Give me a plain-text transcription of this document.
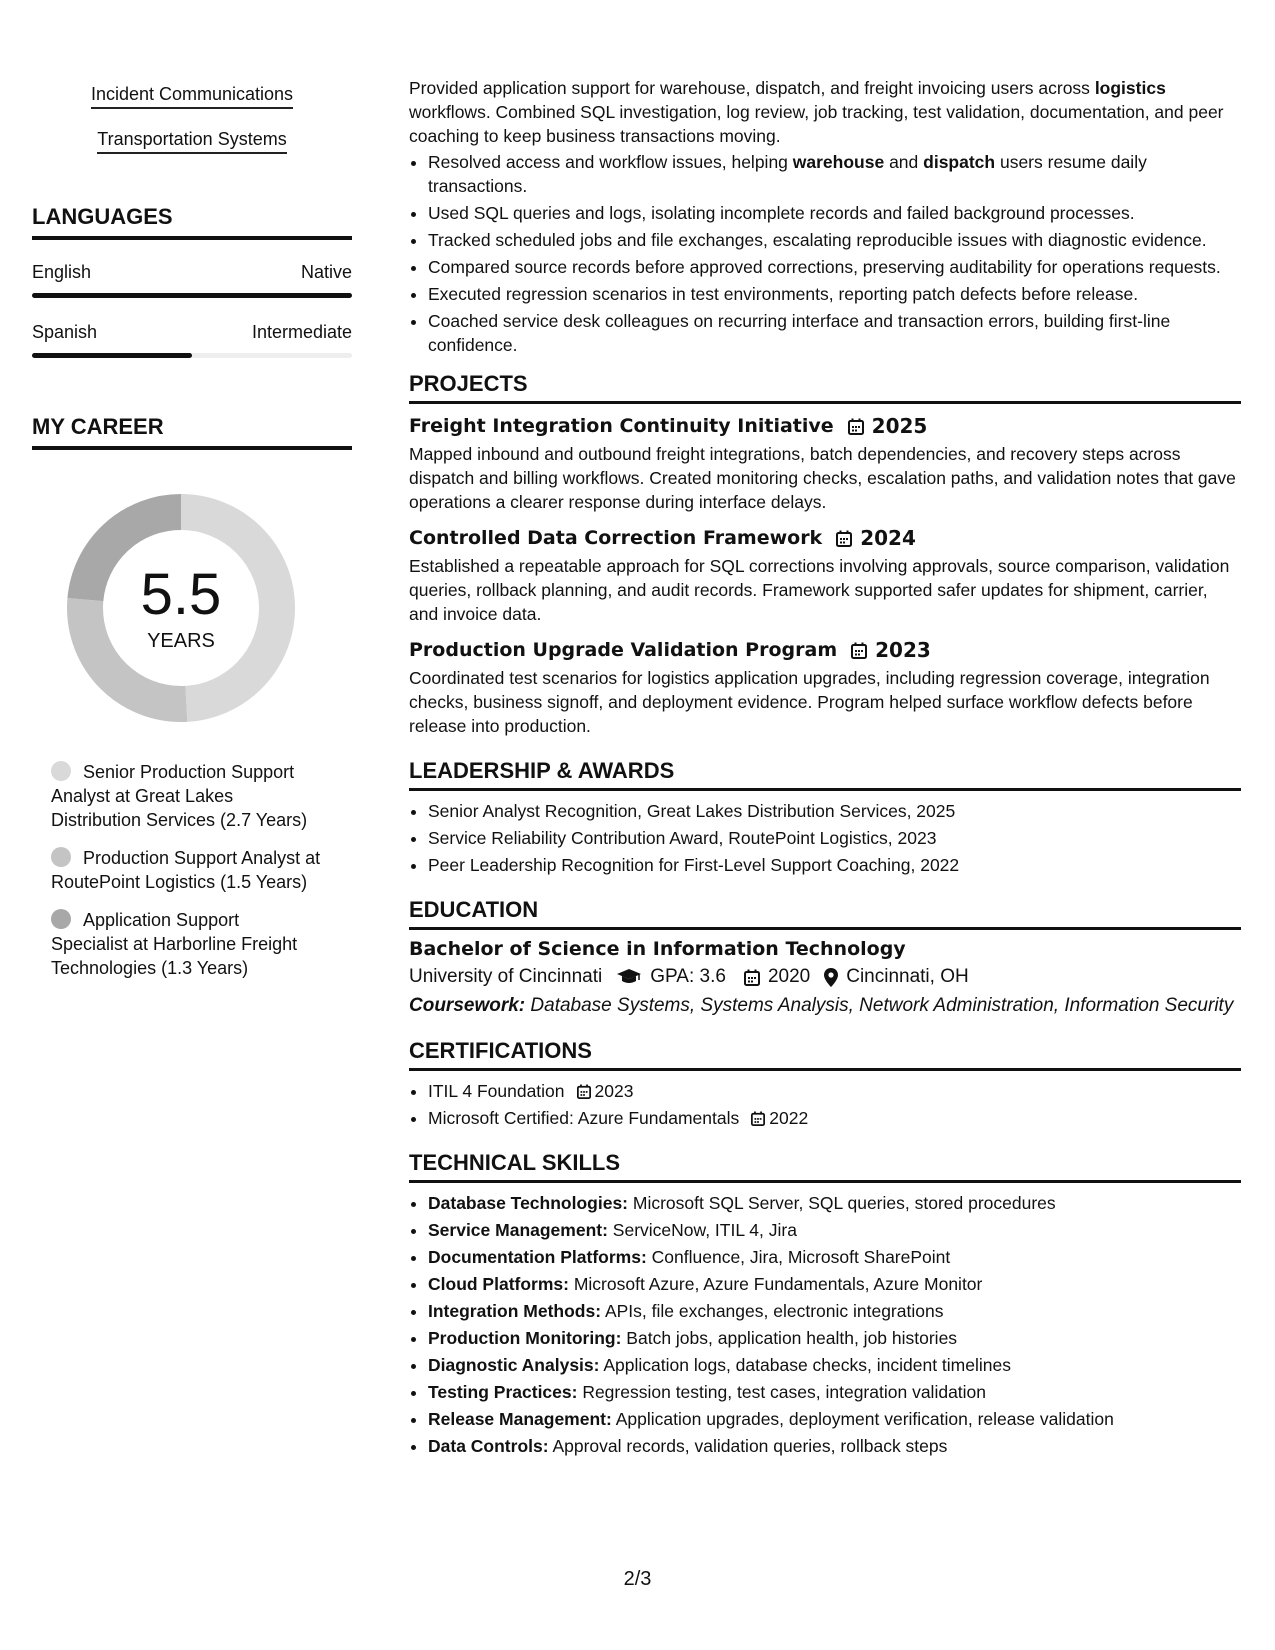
Incident Communications
Transportation Systems
LANGUAGES
English	Native
Spanish	Intermediate
MY CAREER
5.5
YEARS
Senior Production Support Analyst at Great Lakes Distribution Services (2.7 Years)
Production Support Analyst at RoutePoint Logistics (1.5 Years)
Application Support Specialist at Harborline Freight Technologies (1.3 Years)

Provided application support for warehouse, dispatch, and freight invoicing users across logistics workflows. Combined SQL investigation, log review, job tracking, test validation, documentation, and peer coaching to keep business transactions moving.

• Resolved access and workflow issues, helping warehouse and dispatch users resume daily transactions.
• Used SQL queries and logs, isolating incomplete records and failed background processes.
• Tracked scheduled jobs and file exchanges, escalating reproducible issues with diagnostic evidence.
• Compared source records before approved corrections, preserving auditability for operations requests.
• Executed regression scenarios in test environments, reporting patch defects before release.
• Coached service desk colleagues on recurring interface and transaction errors, building first-line confidence.
PROJECTS
Freight Integration Continuity Initiative 2025
Mapped inbound and outbound freight integrations, batch dependencies, and recovery steps across dispatch and billing workflows. Created monitoring checks, escalation paths, and validation notes that gave operations a clearer response during interface delays.
Controlled Data Correction Framework 2024
Established a repeatable approach for SQL corrections involving approvals, source comparison, validation queries, rollback planning, and audit records. Framework supported safer updates for shipment, carrier, and invoice data.
Production Upgrade Validation Program 2023
Coordinated test scenarios for logistics application upgrades, including regression coverage, integration checks, business signoff, and deployment evidence. Program helped surface workflow defects before release into production.
LEADERSHIP & AWARDS
• Senior Analyst Recognition, Great Lakes Distribution Services, 2025
• Service Reliability Contribution Award, RoutePoint Logistics, 2023
• Peer Leadership Recognition for First-Level Support Coaching, 2022
EDUCATION
Bachelor of Science in Information Technology
University of Cincinnati	GPA: 3.6 2020 Cincinnati, OH
Coursework: Database Systems, Systems Analysis, Network Administration, Information Security
CERTIFICATIONS
• ITIL 4 Foundation 2023
• Microsoft Certified: Azure Fundamentals 2022
TECHNICAL SKILLS
• Database Technologies: Microsoft SQL Server, SQL queries, stored procedures
• Service Management: ServiceNow, ITIL 4, Jira
• Documentation Platforms: Confluence, Jira, Microsoft SharePoint
• Cloud Platforms: Microsoft Azure, Azure Fundamentals, Azure Monitor
• Integration Methods: APIs, file exchanges, electronic integrations
• Production Monitoring: Batch jobs, application health, job histories
• Diagnostic Analysis: Application logs, database checks, incident timelines
• Testing Practices: Regression testing, test cases, integration validation
• Release Management: Application upgrades, deployment verification, release validation
• Data Controls: Approval records, validation queries, rollback steps
2/3
